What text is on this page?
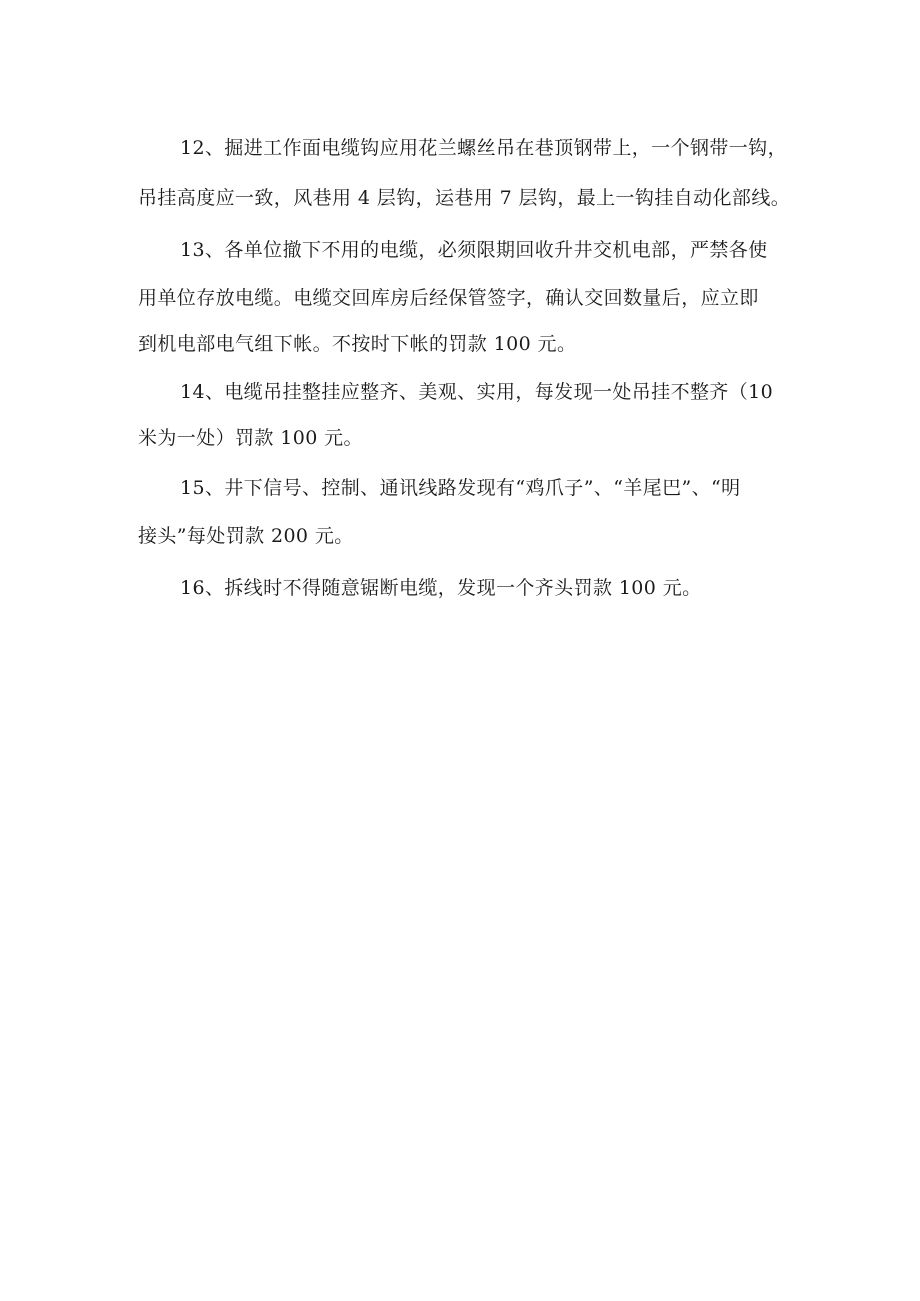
12、掘进工作面电缆钩应用花兰螺丝吊在巷顶钢带上，一个钢带一钩，
吊挂高度应一致，风巷用 4 层钩，运巷用 7 层钩，最上一钩挂自动化部线。
13、各单位撤下不用的电缆，必须限期回收升井交机电部，严禁各使
用单位存放电缆。电缆交回库房后经保管签字，确认交回数量后，应立即
到机电部电气组下帐。不按时下帐的罚款 100 元。
14、电缆吊挂整挂应整齐、美观、实用，每发现一处吊挂不整齐（10
米为一处）罚款 100 元。
15、井下信号、控制、通讯线路发现有“鸡爪子”、“羊尾巴”、“明
接头”每处罚款 200 元。
16、拆线时不得随意锯断电缆，发现一个齐头罚款 100 元。
